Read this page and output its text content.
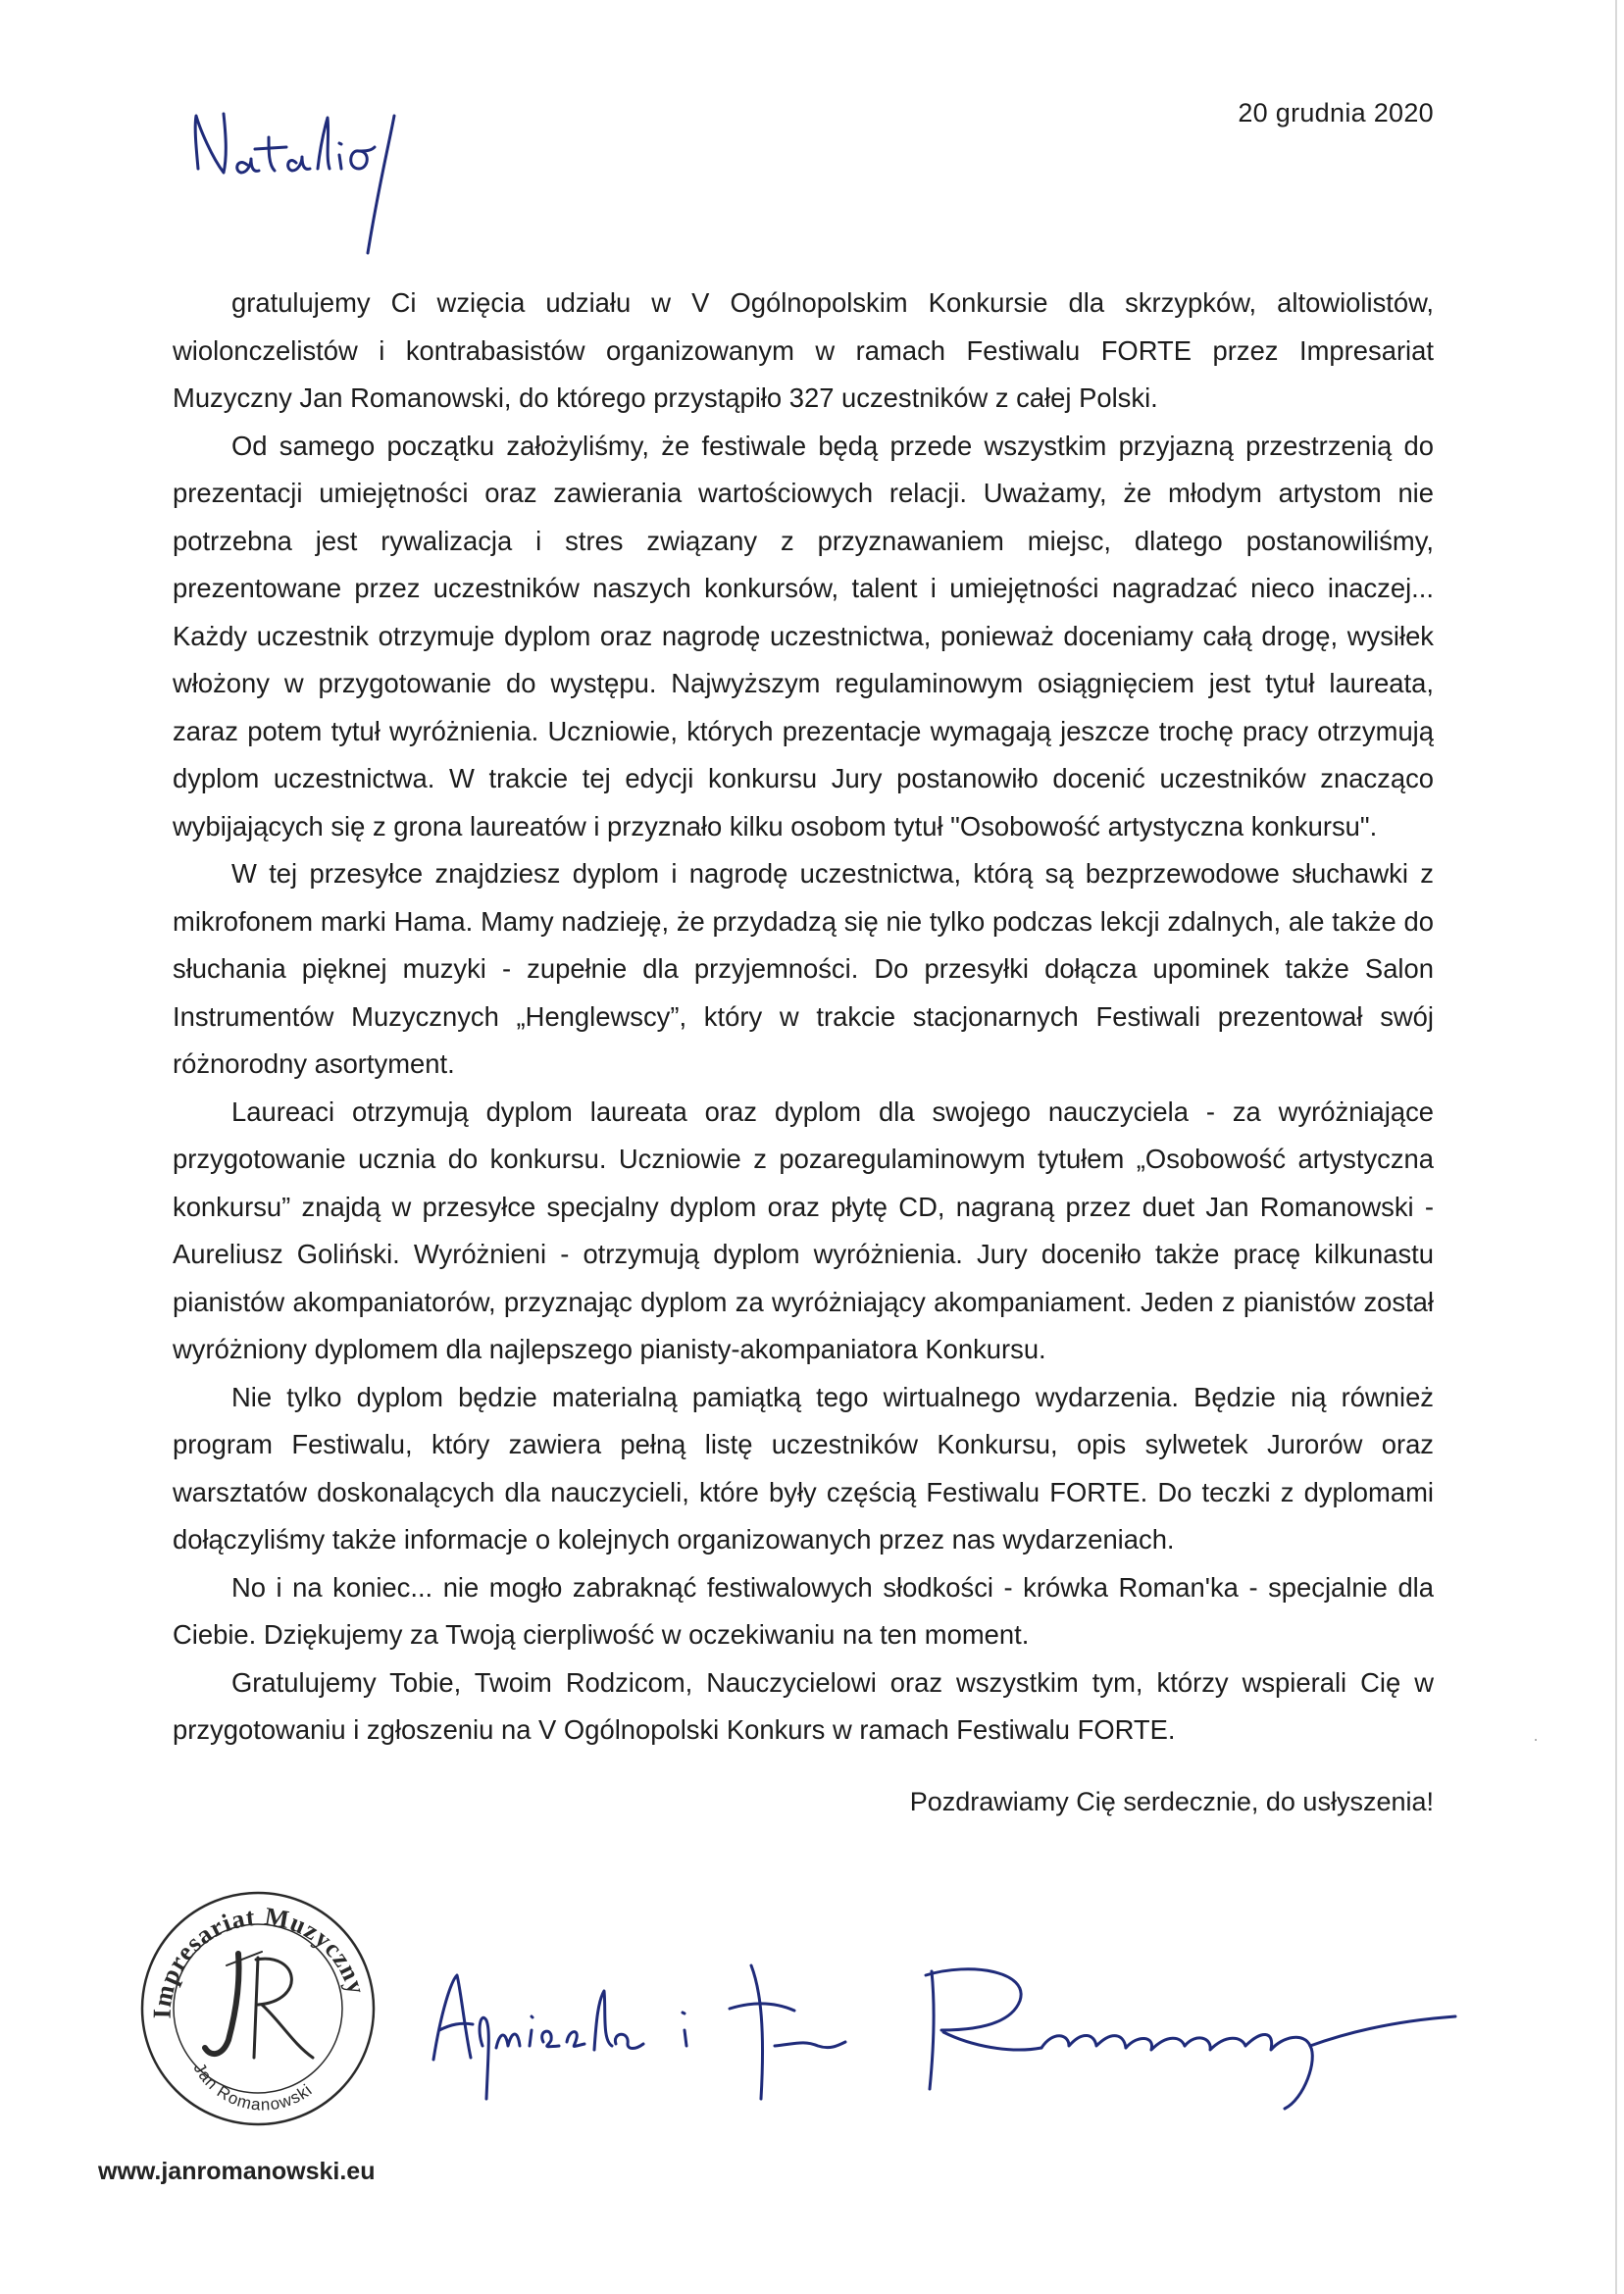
20 grudnia 2020

gratulujemy Ci wzięcia udziału w V Ogólnopolskim Konkursie dla skrzypków, altowiolistów, wiolonczelistów i kontrabasistów organizowanym w ramach Festiwalu FORTE przez Impresariat Muzyczny Jan Romanowski, do którego przystąpiło 327 uczestników z całej Polski.

Od samego początku założyliśmy, że festiwale będą przede wszystkim przyjazną przestrzenią do prezentacji umiejętności oraz zawierania wartościowych relacji. Uważamy, że młodym artystom nie potrzebna jest rywalizacja i stres związany z przyznawaniem miejsc, dlatego postanowiliśmy, prezentowane przez uczestników naszych konkursów, talent i umiejętności nagradzać nieco inaczej... Każdy uczestnik otrzymuje dyplom oraz nagrodę uczestnictwa, ponieważ doceniamy całą drogę, wysiłek włożony w przygotowanie do występu. Najwyższym regulaminowym osiągnięciem jest tytuł laureata, zaraz potem tytuł wyróżnienia. Uczniowie, których prezentacje wymagają jeszcze trochę pracy otrzymują dyplom uczestnictwa. W trakcie tej edycji konkursu Jury postanowiło docenić uczestników znacząco wybijających się z grona laureatów i przyznało kilku osobom tytuł "Osobowość artystyczna konkursu".

W tej przesyłce znajdziesz dyplom i nagrodę uczestnictwa, którą są bezprzewodowe słuchawki z mikrofonem marki Hama. Mamy nadzieję, że przydadzą się nie tylko podczas lekcji zdalnych, ale także do słuchania pięknej muzyki - zupełnie dla przyjemności. Do przesyłki dołącza upominek także Salon Instrumentów Muzycznych „Henglewscy”, który w trakcie stacjonarnych Festiwali prezentował swój różnorodny asortyment.

Laureaci otrzymują dyplom laureata oraz dyplom dla swojego nauczyciela - za wyróżniające przygotowanie ucznia do konkursu. Uczniowie z pozaregulaminowym tytułem „Osobowość artystyczna konkursu” znajdą w przesyłce specjalny dyplom oraz płytę CD, nagraną przez duet Jan Romanowski - Aureliusz Goliński. Wyróżnieni - otrzymują dyplom wyróżnienia. Jury doceniło także pracę kilkunastu pianistów akompaniatorów, przyznając dyplom za wyróżniający akompaniament. Jeden z pianistów został wyróżniony dyplomem dla najlepszego pianisty-akompaniatora Konkursu.

Nie tylko dyplom będzie materialną pamiątką tego wirtualnego wydarzenia. Będzie nią również program Festiwalu, który zawiera pełną listę uczestników Konkursu, opis sylwetek Jurorów oraz warsztatów doskonalących dla nauczycieli, które były częścią Festiwalu FORTE. Do teczki z dyplomami dołączyliśmy także informacje o kolejnych organizowanych przez nas wydarzeniach.

No i na koniec... nie mogło zabraknąć festiwalowych słodkości - krówka Roman'ka - specjalnie dla Ciebie. Dziękujemy za Twoją cierpliwość w oczekiwaniu na ten moment.

Gratulujemy Tobie, Twoim Rodzicom, Nauczycielowi oraz wszystkim tym, którzy wspierali Cię w przygotowaniu i zgłoszeniu na V Ogólnopolski Konkurs w ramach Festiwalu FORTE.

Pozdrawiamy Cię serdecznie, do usłyszenia!
Impresariat Muzyczny
Jan Romanowski
www.janromanowski.eu
